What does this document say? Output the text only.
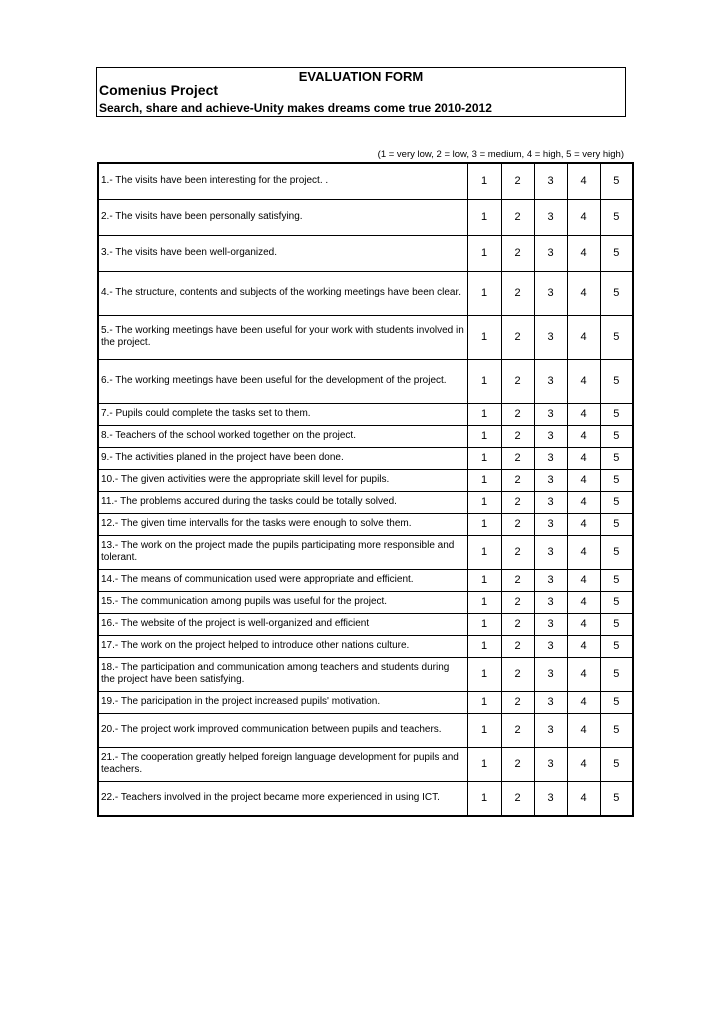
EVALUATION FORM
Comenius Project
Search, share and achieve-Unity makes dreams come true 2010-2012
(1 = very low, 2 = low, 3 = medium, 4 = high, 5 = very high)
1.- The visits have been interesting for the project. .	1	2	3	4	5
2.- The visits have been personally satisfying.	1	2	3	4	5
3.- The visits have been well-organized.	1	2	3	4	5
4.- The structure, contents and subjects of the working meetings have been clear.	1	2	3	4	5
5.- The working meetings have been useful for your work with students involved in the project.	1	2	3	4	5
6.- The working meetings have been useful for the development of the project.	1	2	3	4	5
7.- Pupils could complete the tasks set to them.	1	2	3	4	5
8.- Teachers of the school worked together on the project.	1	2	3	4	5
9.- The activities planed in the project have been done.	1	2	3	4	5
10.- The given activities were the appropriate skill level for pupils.	1	2	3	4	5
11.- The problems accured during the tasks could be totally solved.	1	2	3	4	5
12.- The given time intervalls for the tasks were enough to solve them.	1	2	3	4	5
13.- The work on the project made the pupils participating more responsible and tolerant.	1	2	3	4	5
14.- The means of communication used were appropriate and efficient.	1	2	3	4	5
15.- The communication among pupils was useful for the project.	1	2	3	4	5
16.- The website of the project is well-organized and efficient	1	2	3	4	5
17.- The work on the project helped to introduce other nations culture.	1	2	3	4	5
18.- The participation and communication among teachers and students during the project have been satisfying.	1	2	3	4	5
19.- The paricipation in the project increased pupils' motivation.	1	2	3	4	5
20.- The project work improved communication between pupils and teachers.	1	2	3	4	5
21.- The cooperation greatly helped foreign language development for pupils and teachers.	1	2	3	4	5
22.- Teachers involved in the project became more experienced in using ICT.	1	2	3	4	5
